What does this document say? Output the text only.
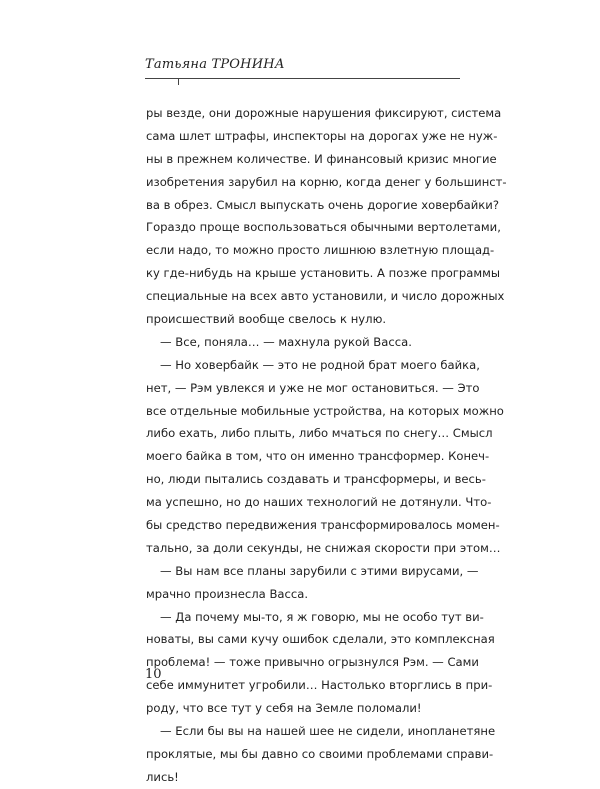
Татьяна ТРОНИНА
ры везде, они дорожные нарушения фиксируют, система
сама шлет штрафы, инспекторы на дорогах уже не нуж-
ны в прежнем количестве. И финансовый кризис многие
изобретения зарубил на корню, когда денег у большинст-
ва в обрез. Смысл выпускать очень дорогие ховербайки?
Гораздо проще воспользоваться обычными вертолетами,
если надо, то можно просто лишнюю взлетную площад-
ку где-нибудь на крыше установить. А позже программы
специальные на всех авто установили, и число дорожных
происшествий вообще свелось к нулю.
— Все, поняла… — махнула рукой Васса.
— Но ховербайк — это не родной брат моего байка,
нет, — Рэм увлекся и уже не мог остановиться. — Это
все отдельные мобильные устройства, на которых можно
либо ехать, либо плыть, либо мчаться по снегу… Смысл
моего байка в том, что он именно трансформер. Конеч-
но, люди пытались создавать и трансформеры, и весь-
ма успешно, но до наших технологий не дотянули. Что-
бы средство передвижения трансформировалось момен-
тально, за доли секунды, не снижая скорости при этом…
— Вы нам все планы зарубили с этими вирусами, —
мрачно произнесла Васса.
— Да почему мы-то, я ж говорю, мы не особо тут ви-
новаты, вы сами кучу ошибок сделали, это комплексная
проблема! — тоже привычно огрызнулся Рэм. — Сами
себе иммунитет угробили… Настолько вторглись в при-
роду, что все тут у себя на Земле поломали!
— Если бы вы на нашей шее не сидели, инопланетяне
проклятые, мы бы давно со своими проблемами справи-
лись!
10
